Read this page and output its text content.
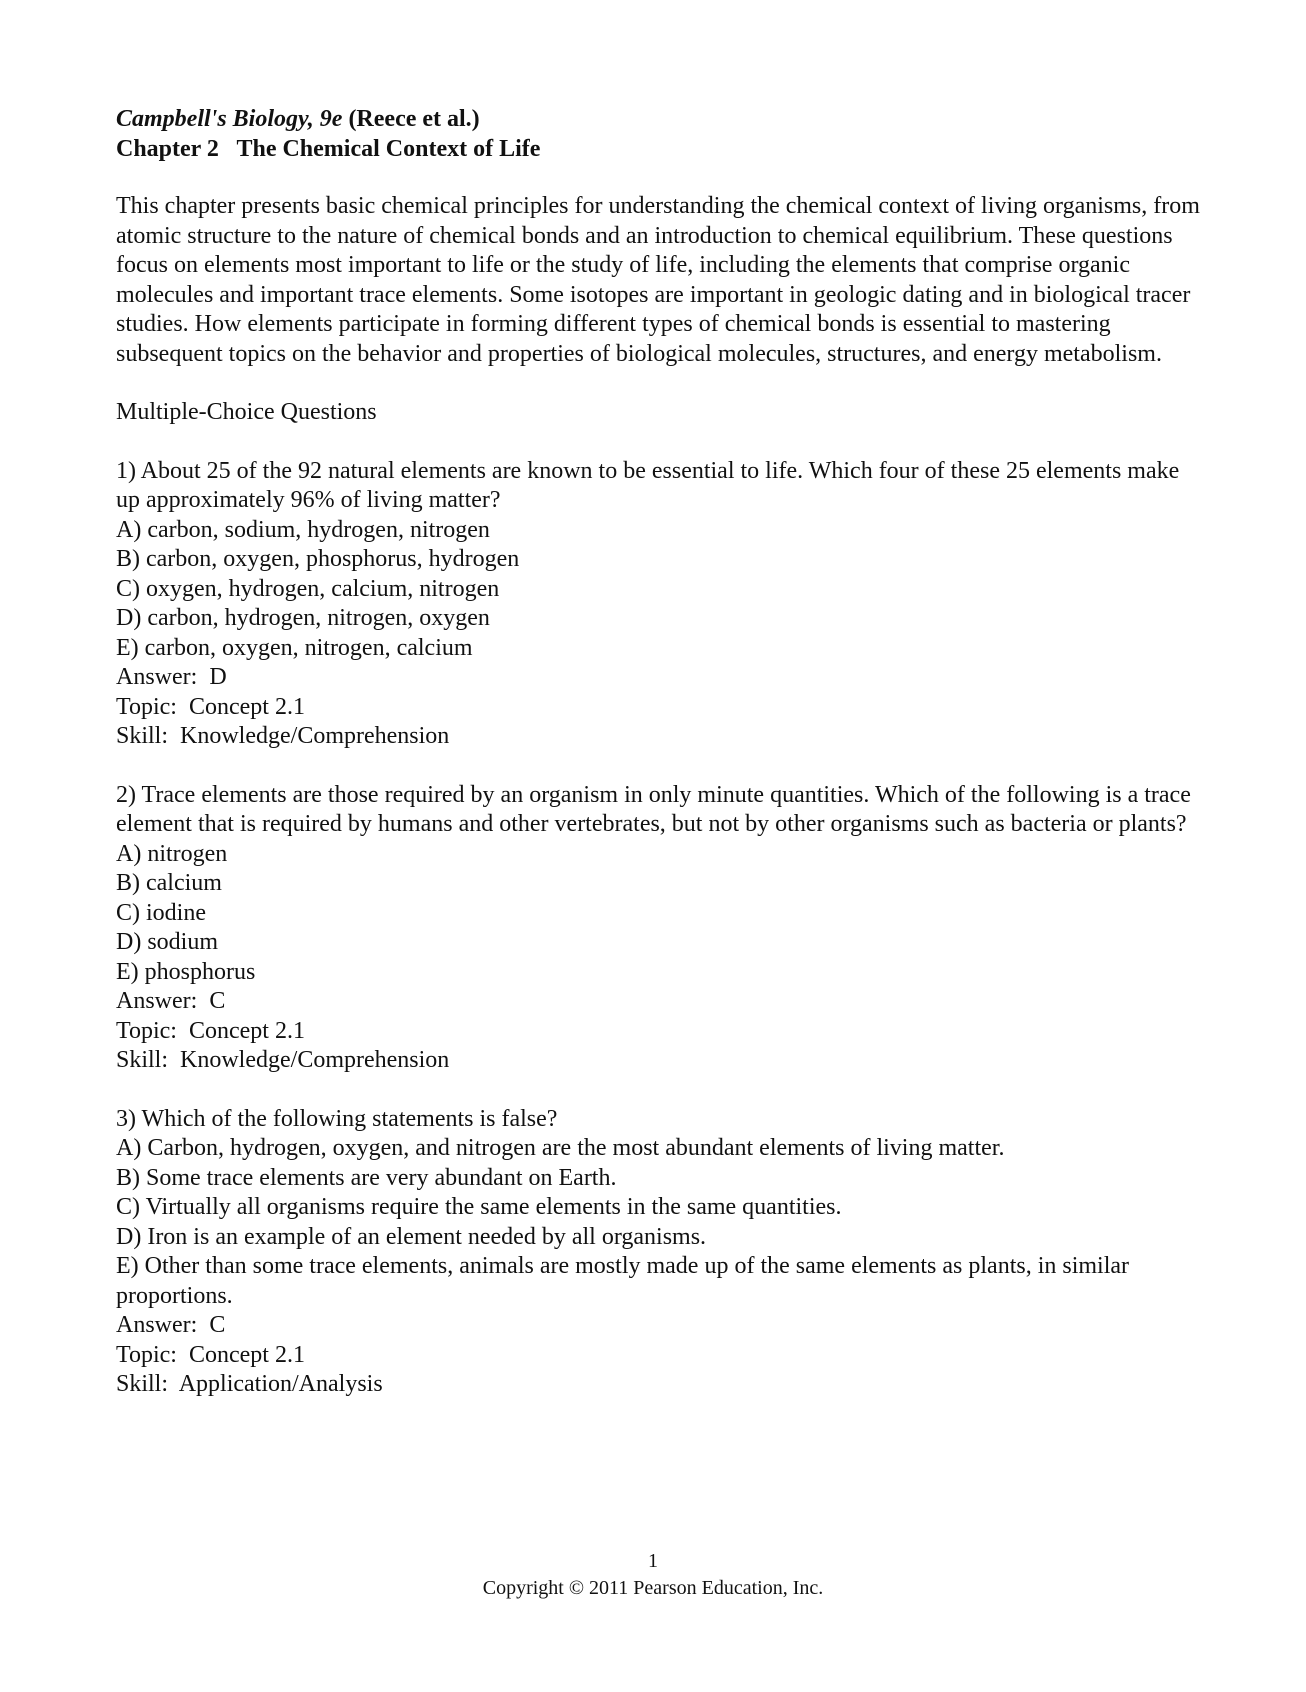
Campbell's Biology, 9e (Reece et al.)
Chapter 2   The Chemical Context of Life

This chapter presents basic chemical principles for understanding the chemical context of living organisms, from atomic structure to the nature of chemical bonds and an introduction to chemical equilibrium. These questions focus on elements most important to life or the study of life, including the elements that comprise organic molecules and important trace elements. Some isotopes are important in geologic dating and in biological tracer studies. How elements participate in forming different types of chemical bonds is essential to mastering subsequent topics on the behavior and properties of biological molecules, structures, and energy metabolism.

Multiple-Choice Questions

1) About 25 of the 92 natural elements are known to be essential to life. Which four of these 25 elements make up approximately 96% of living matter?
A) carbon, sodium, hydrogen, nitrogen
B) carbon, oxygen, phosphorus, hydrogen
C) oxygen, hydrogen, calcium, nitrogen
D) carbon, hydrogen, nitrogen, oxygen
E) carbon, oxygen, nitrogen, calcium
Answer:  D
Topic:  Concept 2.1
Skill:  Knowledge/Comprehension
2) Trace elements are those required by an organism in only minute quantities. Which of the following is a trace element that is required by humans and other vertebrates, but not by other organisms such as bacteria or plants?
A) nitrogen
B) calcium
C) iodine
D) sodium
E) phosphorus
Answer:  C
Topic:  Concept 2.1
Skill:  Knowledge/Comprehension
3) Which of the following statements is false?
A) Carbon, hydrogen, oxygen, and nitrogen are the most abundant elements of living matter.
B) Some trace elements are very abundant on Earth.
C) Virtually all organisms require the same elements in the same quantities.
D) Iron is an example of an element needed by all organisms.
E) Other than some trace elements, animals are mostly made up of the same elements as plants, in similar proportions.
Answer:  C
Topic:  Concept 2.1
Skill:  Application/Analysis
1
Copyright © 2011 Pearson Education, Inc.
